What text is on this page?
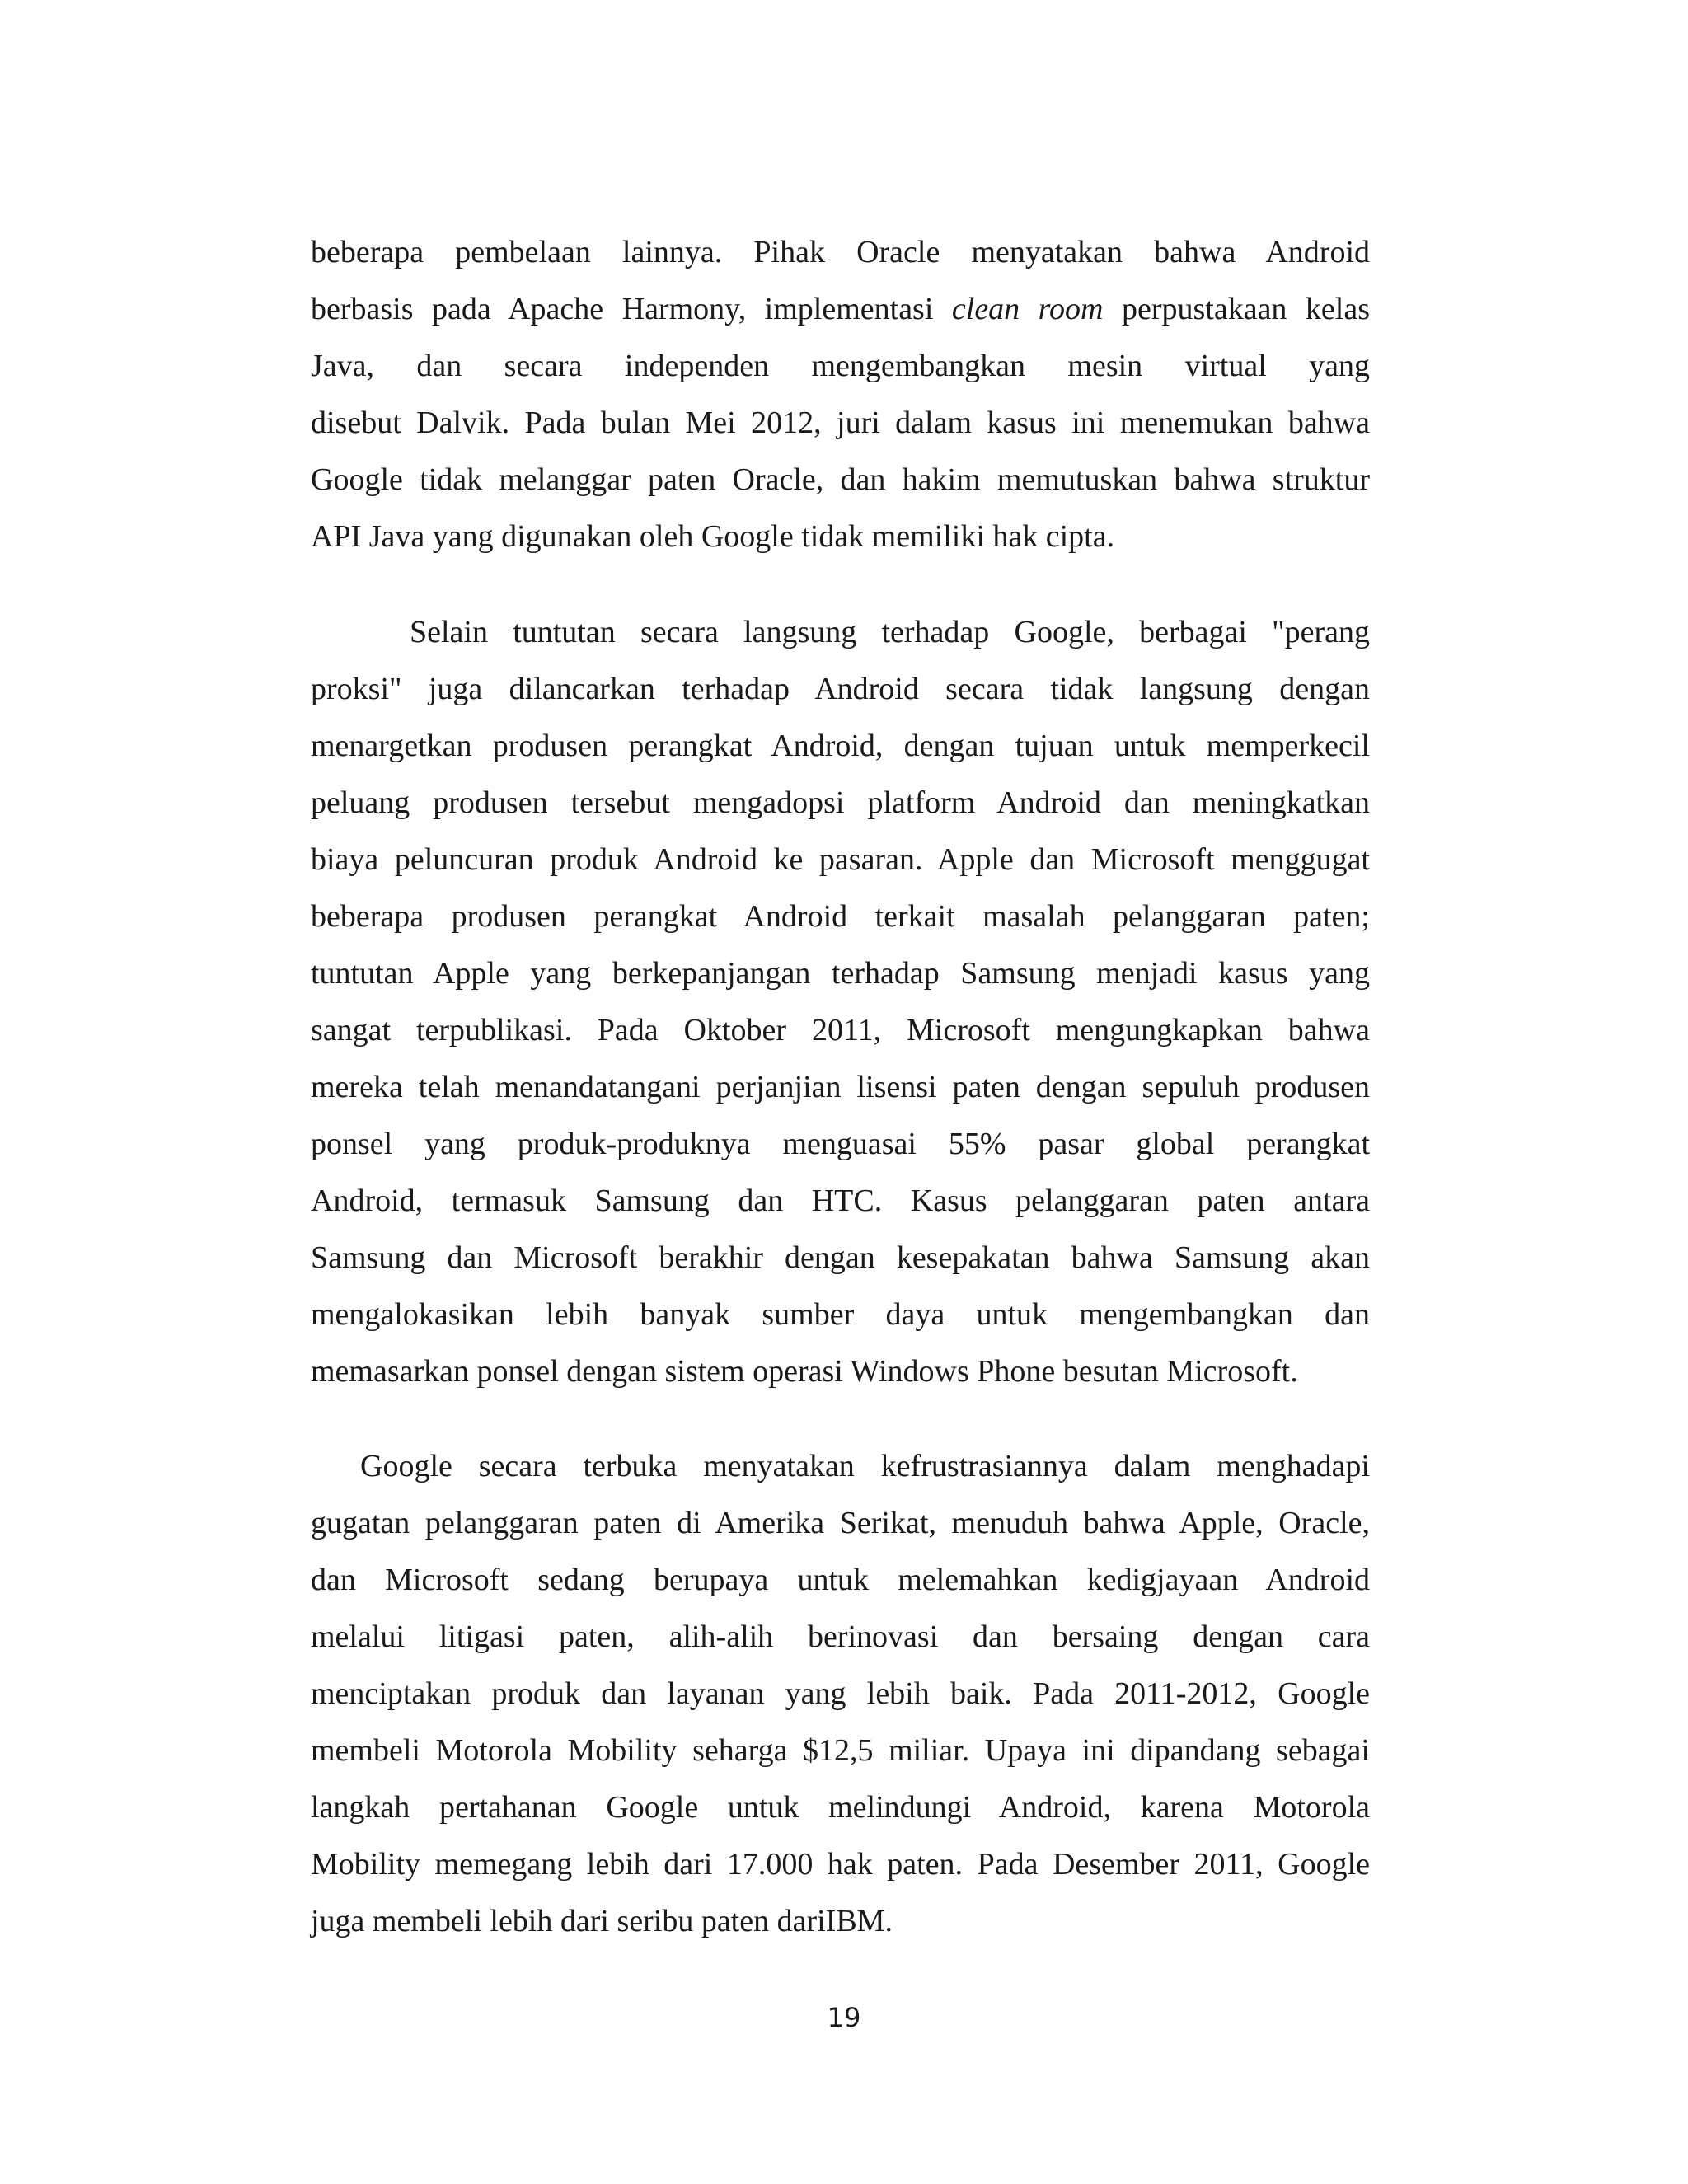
beberapa pembelaan lainnya. Pihak Oracle menyatakan bahwa Android
berbasis pada Apache Harmony, implementasi clean room perpustakaan kelas
Java, dan secara independen mengembangkan mesin virtual yang
disebut Dalvik. Pada bulan Mei 2012, juri dalam kasus ini menemukan bahwa
Google tidak melanggar paten Oracle, dan hakim memutuskan bahwa struktur
API Java yang digunakan oleh Google tidak memiliki hak cipta.
Selain tuntutan secara langsung terhadap Google, berbagai "perang
proksi" juga dilancarkan terhadap Android secara tidak langsung dengan
menargetkan produsen perangkat Android, dengan tujuan untuk memperkecil
peluang produsen tersebut mengadopsi platform Android dan meningkatkan
biaya peluncuran produk Android ke pasaran. Apple dan Microsoft menggugat
beberapa produsen perangkat Android terkait masalah pelanggaran paten;
tuntutan Apple yang berkepanjangan terhadap Samsung menjadi kasus yang
sangat terpublikasi. Pada Oktober 2011, Microsoft mengungkapkan bahwa
mereka telah menandatangani perjanjian lisensi paten dengan sepuluh produsen
ponsel yang produk-produknya menguasai 55% pasar global perangkat
Android, termasuk Samsung dan HTC. Kasus pelanggaran paten antara
Samsung dan Microsoft berakhir dengan kesepakatan bahwa Samsung akan
mengalokasikan lebih banyak sumber daya untuk mengembangkan dan
memasarkan ponsel dengan sistem operasi Windows Phone besutan Microsoft.
Google secara terbuka menyatakan kefrustrasiannya dalam menghadapi
gugatan pelanggaran paten di Amerika Serikat, menuduh bahwa Apple, Oracle,
dan Microsoft sedang berupaya untuk melemahkan kedigjayaan Android
melalui litigasi paten, alih-alih berinovasi dan bersaing dengan cara
menciptakan produk dan layanan yang lebih baik. Pada 2011-2012, Google
membeli Motorola Mobility seharga $12,5 miliar. Upaya ini dipandang sebagai
langkah pertahanan Google untuk melindungi Android, karena Motorola
Mobility memegang lebih dari 17.000 hak paten. Pada Desember 2011, Google
juga membeli lebih dari seribu paten dariIBM.
19
